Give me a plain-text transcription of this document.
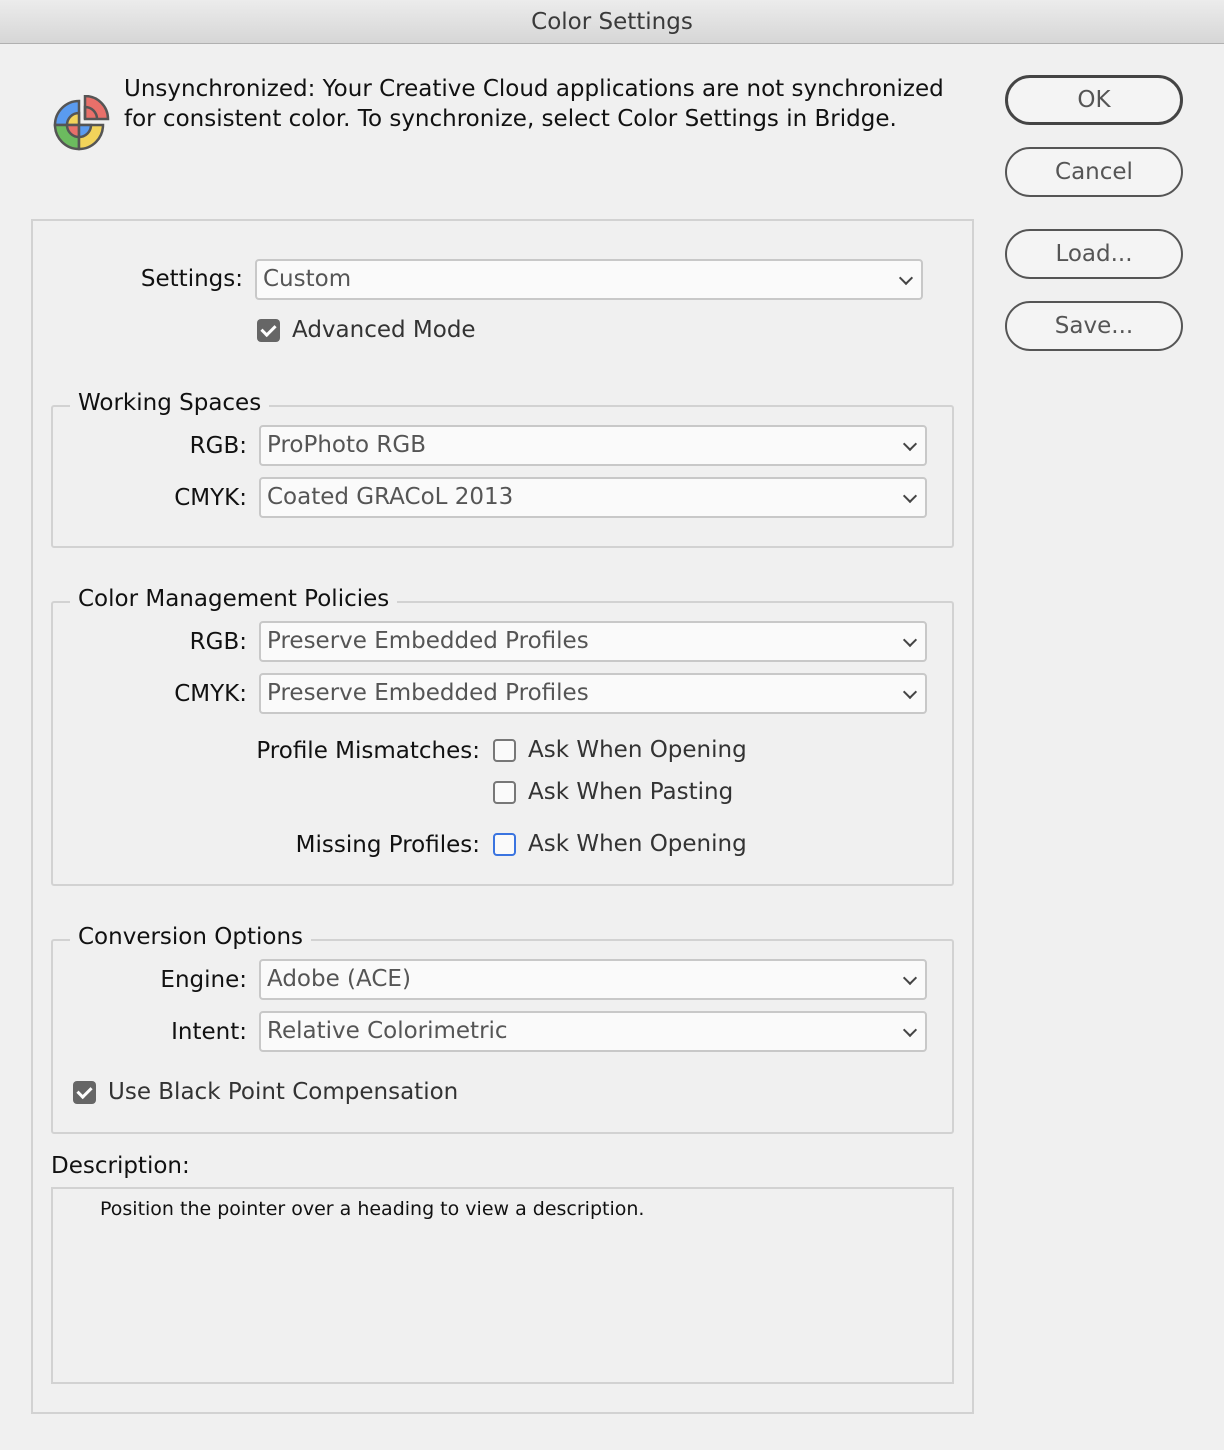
Color Settings
Unsynchronized: Your Creative Cloud applications are not synchronized
for consistent color. To synchronize, select Color Settings in Bridge.
OK
Cancel
Load...
Save...
Settings: Custom
Advanced Mode
Working Spaces
RGB: ProPhoto RGB
CMYK: Coated GRACoL 2013
Color Management Policies
RGB: Preserve Embedded Profiles
CMYK: Preserve Embedded Profiles
Profile Mismatches: Ask When Opening
Ask When Pasting
Missing Profiles: Ask When Opening
Conversion Options
Engine: Adobe (ACE)
Intent: Relative Colorimetric
Use Black Point Compensation
Description:
Position the pointer over a heading to view a description.
